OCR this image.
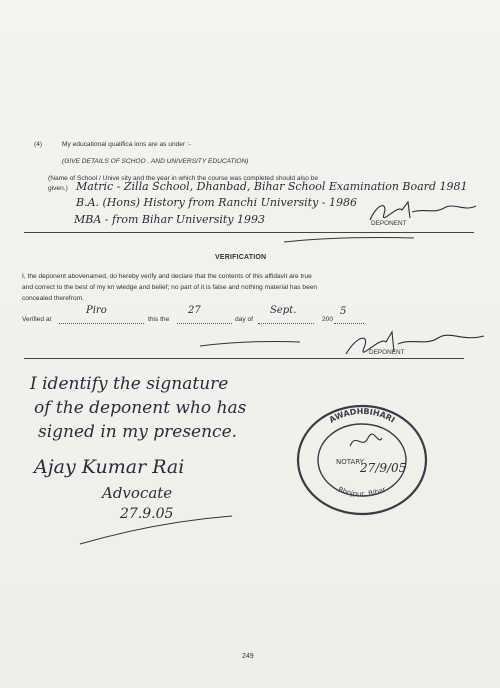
(4)	My educational qualifica ions are as under :-
(GIVE DETAILS OF SCHOO . AND UNIVERSITY EDUCATION)
(Name of School / Unive sity and the year in which the course was completed should also be
given.) Matric - Zilla School, Dhanbad, Bihar School Examination Board 1981
B.A. (Hons) History from Ranchi University - 1986
MBA - from Bihar University 1993	DEPONENT
VERIFICATION
I, the deponent abovenamed, do hereby verify and declare that the contents of this affidavit are true
and correct to the best of my kn wledge and belief; no part of it is false and nothing material has been
concealed therefrom.
Verified at
Piro
this the
27
day of
Sept.
200
5
DEPONENT
I identify the signature
of the deponent who has
signed in my presence.
Ajay Kumar Rai
Advocate
27.9.05
AWADHBIHARI
Bhojpur, Bihar
NOTARY
27/9/05
249
